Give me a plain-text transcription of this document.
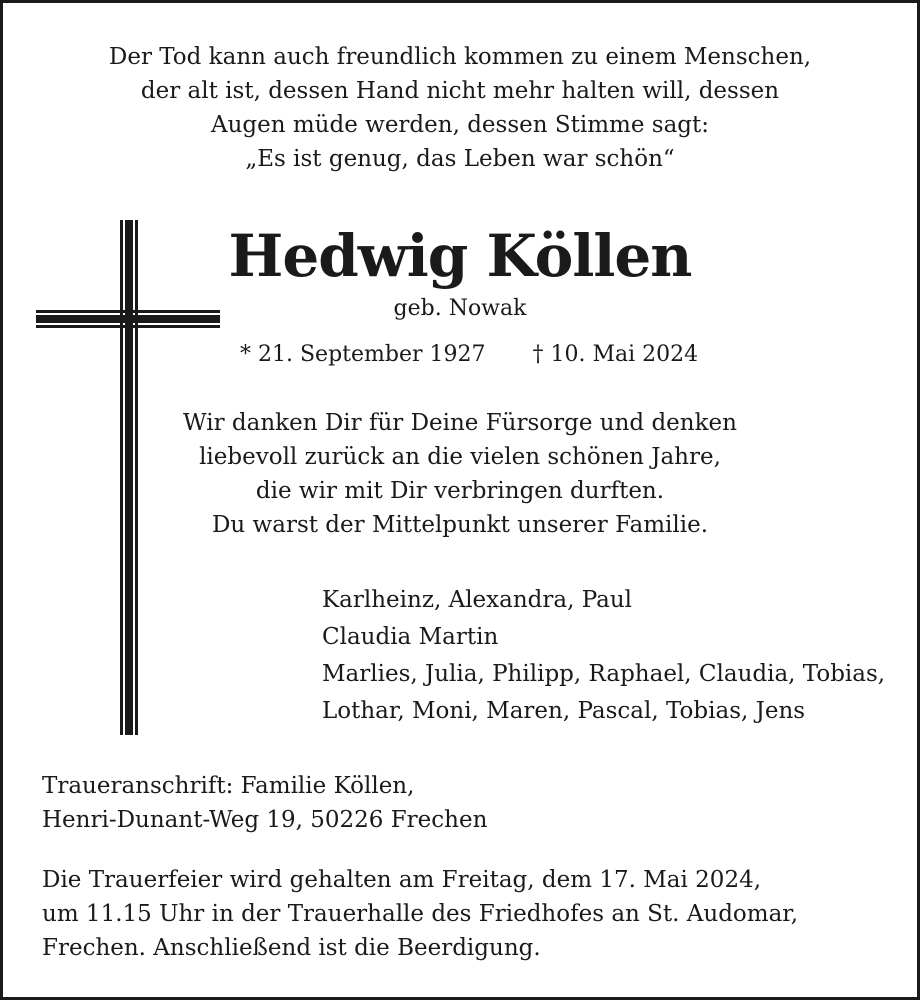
Der Tod kann auch freundlich kommen zu einem Menschen,
der alt ist, dessen Hand nicht mehr halten will, dessen
Augen müde werden, dessen Stimme sagt:
„Es ist genug, das Leben war schön“
Hedwig Köllen
geb. Nowak
* 21. September 1927 † 10. Mai 2024
Wir danken Dir für Deine Fürsorge und denken
liebevoll zurück an die vielen schönen Jahre,
die wir mit Dir verbringen durften.
Du warst der Mittelpunkt unserer Familie.
Karlheinz, Alexandra, Paul
Claudia Martin
Marlies, Julia, Philipp, Raphael, Claudia, Tobias,
Lothar, Moni, Maren, Pascal, Tobias, Jens
Traueranschrift: Familie Köllen,
Henri-Dunant-Weg 19, 50226 Frechen
Die Trauerfeier wird gehalten am Freitag, dem 17. Mai 2024,
um 11.15 Uhr in der Trauerhalle des Friedhofes an St. Audomar,
Frechen. Anschließend ist die Beerdigung.
